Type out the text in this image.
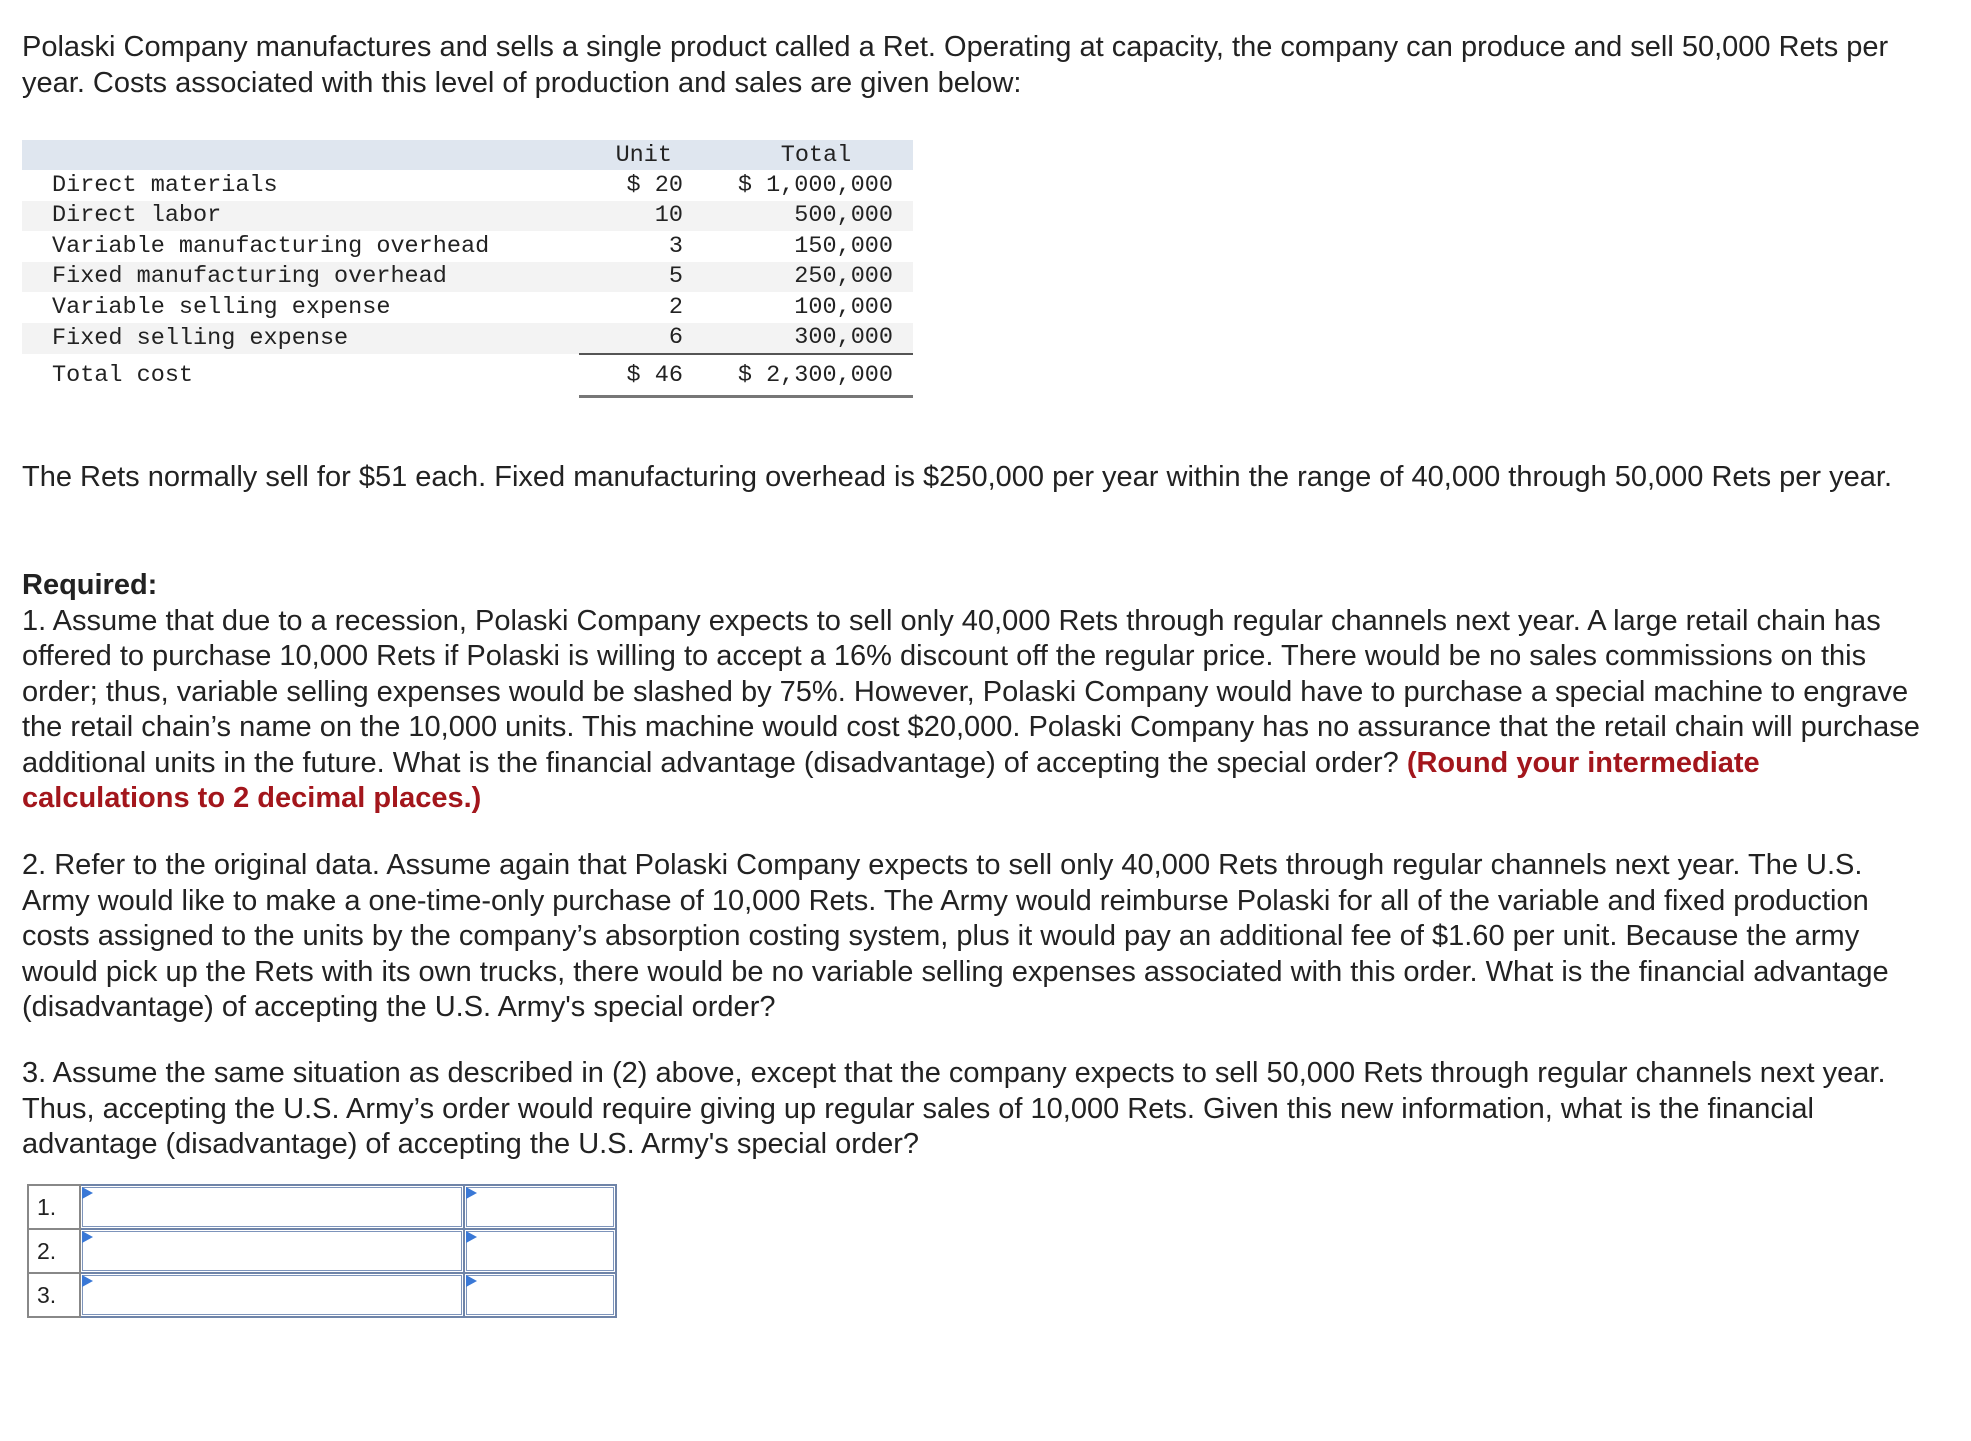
Polaski Company manufactures and sells a single product called a Ret. Operating at capacity, the company can produce and sell 50,000 Rets per year. Costs associated with this level of production and sales are given below:

	Unit	Total
Direct materials	$ 20	$ 1,000,000
Direct labor	10	500,000
Variable manufacturing overhead	3	150,000
Fixed manufacturing overhead	5	250,000
Variable selling expense	2	100,000
Fixed selling expense	6	300,000
Total cost	$ 46	$ 2,300,000

The Rets normally sell for $51 each. Fixed manufacturing overhead is $250,000 per year within the range of 40,000 through 50,000 Rets per year.

Required:
1. Assume that due to a recession, Polaski Company expects to sell only 40,000 Rets through regular channels next year. A large retail chain has offered to purchase 10,000 Rets if Polaski is willing to accept a 16% discount off the regular price. There would be no sales commissions on this order; thus, variable selling expenses would be slashed by 75%. However, Polaski Company would have to purchase a special machine to engrave the retail chain’s name on the 10,000 units. This machine would cost $20,000. Polaski Company has no assurance that the retail chain will purchase additional units in the future. What is the financial advantage (disadvantage) of accepting the special order? (Round your intermediate calculations to 2 decimal places.)

2. Refer to the original data. Assume again that Polaski Company expects to sell only 40,000 Rets through regular channels next year. The U.S. Army would like to make a one-time-only purchase of 10,000 Rets. The Army would reimburse Polaski for all of the variable and fixed production costs assigned to the units by the company’s absorption costing system, plus it would pay an additional fee of $1.60 per unit. Because the army would pick up the Rets with its own trucks, there would be no variable selling expenses associated with this order. What is the financial advantage (disadvantage) of accepting the U.S. Army's special order?

3. Assume the same situation as described in (2) above, except that the company expects to sell 50,000 Rets through regular channels next year. Thus, accepting the U.S. Army’s order would require giving up regular sales of 10,000 Rets. Given this new information, what is the financial advantage (disadvantage) of accepting the U.S. Army's special order?

1.	

2.	

3.	
